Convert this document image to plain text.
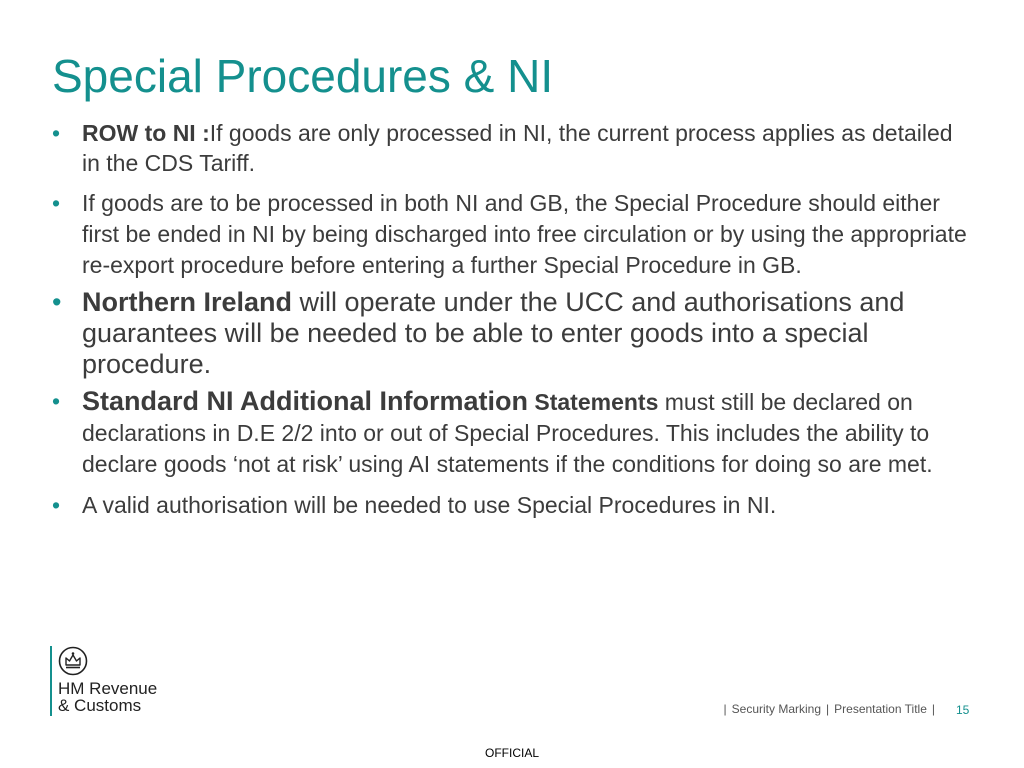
Special Procedures & NI
• ROW to NI :If goods are only processed in NI, the current process applies as detailed in the CDS Tariff.
• If goods are to be processed in both NI and GB, the Special Procedure should either first be ended in NI by being discharged into free circulation or by using the appropriate re-export procedure before entering a further Special Procedure in GB.
• Northern Ireland will operate under the UCC and authorisations and guarantees will be needed to be able to enter goods into a special procedure.
• Standard NI Additional Information Statements must still be declared on declarations in D.E 2/2 into or out of Special Procedures. This includes the ability to declare goods ‘not at risk’ using AI statements if the conditions for doing so are met.
• A valid authorisation will be needed to use Special Procedures in NI.
HM Revenue
& Customs	| Security Marking | Presentation Title |	15
OFFICIAL
